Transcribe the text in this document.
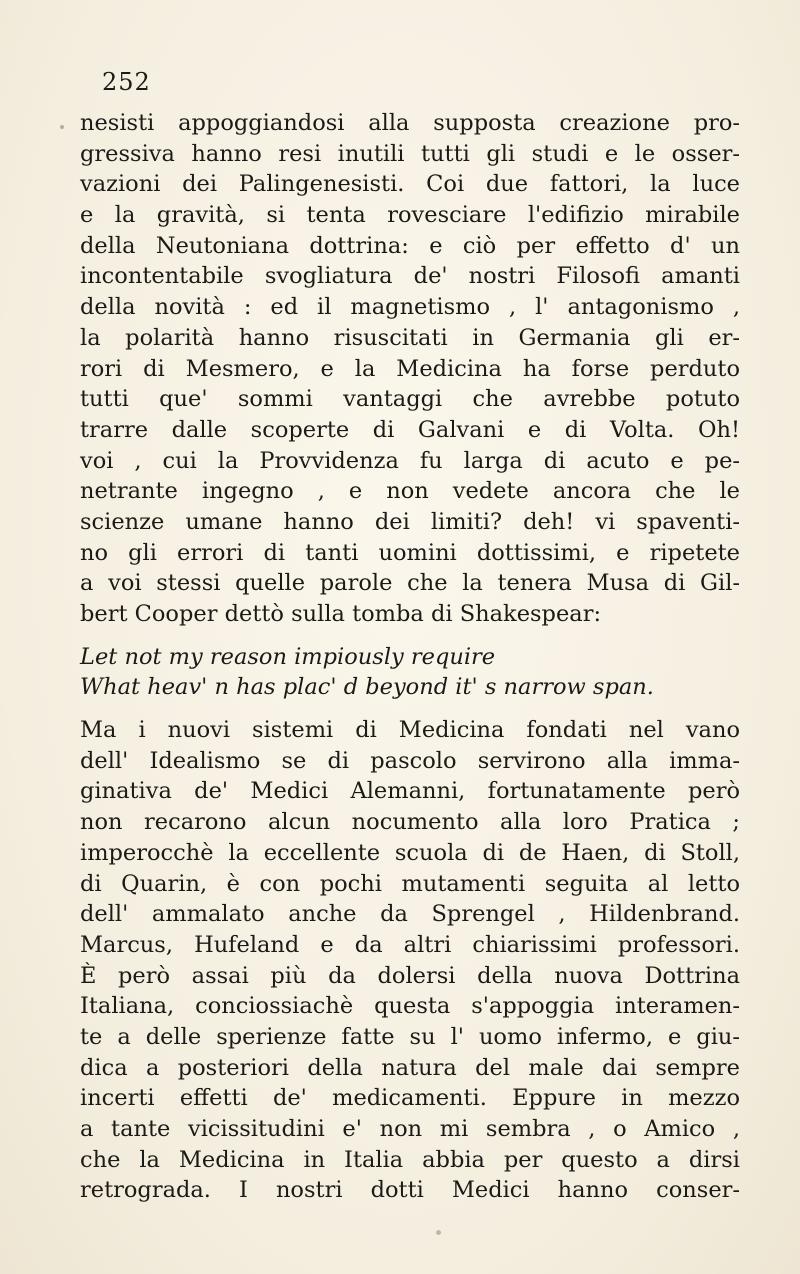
252
nesisti appoggiandosi alla supposta creazione pro-
gressiva hanno resi inutili tutti gli studi e le osser-
vazioni dei Palingenesisti. Coi due fattori, la luce
e la gravità, si tenta rovesciare l'edifizio mirabile
della Neutoniana dottrina: e ciò per effetto d' un
incontentabile svogliatura de' nostri Filosofi amanti
della novità : ed il magnetismo , l' antagonismo ,
la polarità hanno risuscitati in Germania gli er-
rori di Mesmero, e la Medicina ha forse perduto
tutti que' sommi vantaggi che avrebbe potuto
trarre dalle scoperte di Galvani e di Volta. Oh!
voi , cui la Provvidenza fu larga di acuto e pe-
netrante ingegno , e non vedete ancora che le
scienze umane hanno dei limiti? deh! vi spaventi-
no gli errori di tanti uomini dottissimi, e ripetete
a voi stessi quelle parole che la tenera Musa di Gil-
bert Cooper dettò sulla tomba di Shakespear:
Let not my reason impiously require
What heav' n has plac' d beyond it' s narrow span.
Ma i nuovi sistemi di Medicina fondati nel vano
dell' Idealismo se di pascolo servirono alla imma-
ginativa de' Medici Alemanni, fortunatamente però
non recarono alcun nocumento alla loro Pratica ;
imperocchè la eccellente scuola di de Haen, di Stoll,
di Quarin, è con pochi mutamenti seguita al letto
dell' ammalato anche da Sprengel , Hildenbrand.
Marcus, Hufeland e da altri chiarissimi professori.
È però assai più da dolersi della nuova Dottrina
Italiana, conciossiachè questa s'appoggia interamen-
te a delle sperienze fatte su l' uomo infermo, e giu-
dica a posteriori della natura del male dai sempre
incerti effetti de' medicamenti. Eppure in mezzo
a tante vicissitudini e' non mi sembra , o Amico ,
che la Medicina in Italia abbia per questo a dirsi
retrograda. I nostri dotti Medici hanno conser-
